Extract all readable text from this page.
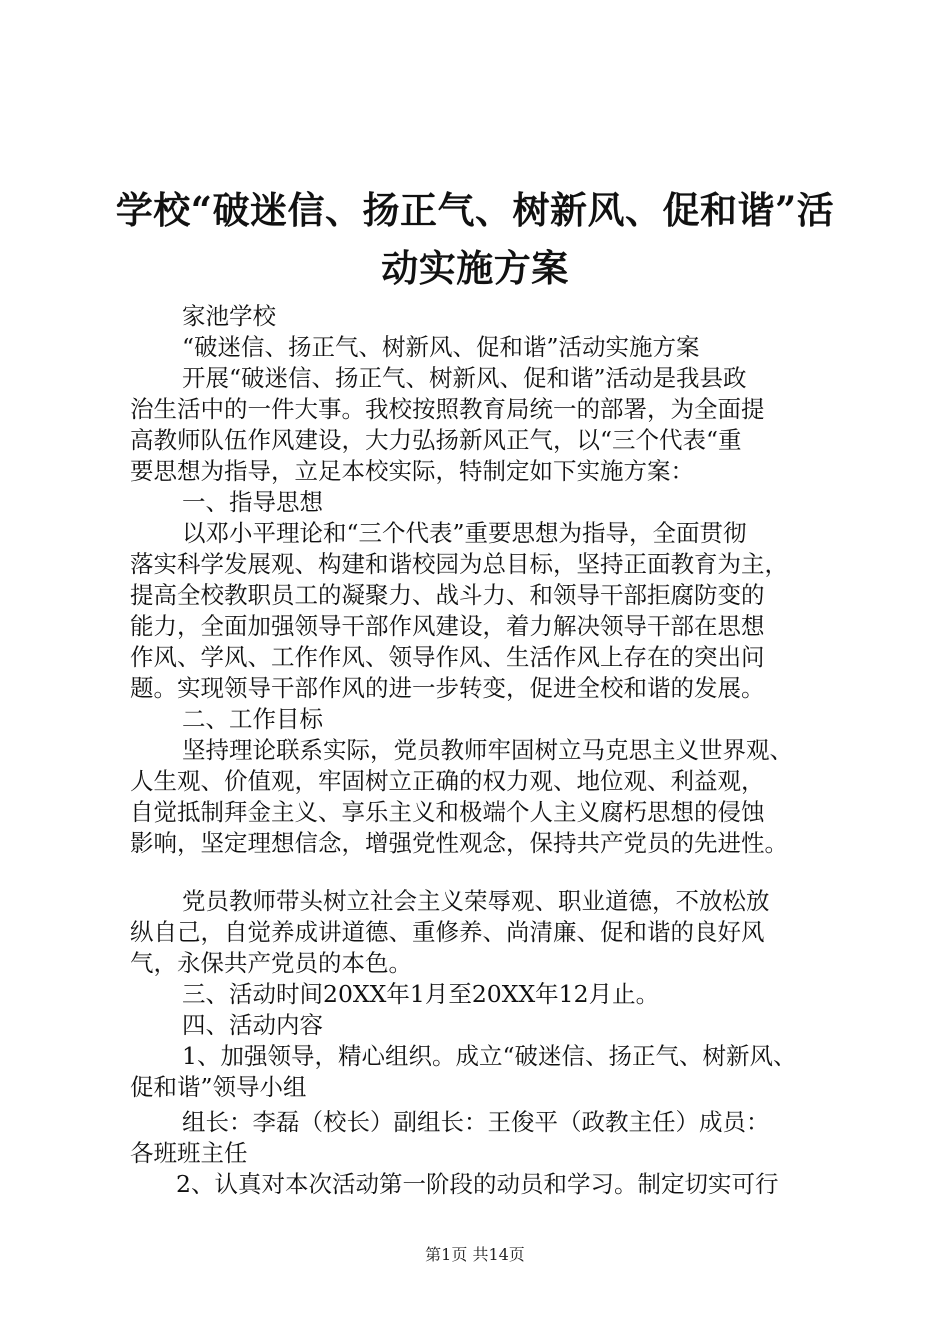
学校“破迷信、扬正气、树新风、促和谐”活
动实施方案

家池学校

“破迷信、扬正气、树新风、促和谐”活动实施方案

开展“破迷信、扬正气、树新风、促和谐”活动是我县政

治生活中的一件大事。我校按照教育局统一的部署，为全面提

高教师队伍作风建设，大力弘扬新风正气，以“三个代表“重

要思想为指导，立足本校实际，特制定如下实施方案：

一、指导思想

以邓小平理论和“三个代表”重要思想为指导，全面贯彻

落实科学发展观、构建和谐校园为总目标，坚持正面教育为主，

提高全校教职员工的凝聚力、战斗力、和领导干部拒腐防变的

能力，全面加强领导干部作风建设，着力解决领导干部在思想

作风、学风、工作作风、领导作风、生活作风上存在的突出问

题。实现领导干部作风的进一步转变，促进全校和谐的发展。

二、工作目标

坚持理论联系实际，党员教师牢固树立马克思主义世界观、

人生观、价值观，牢固树立正确的权力观、地位观、利益观，

自觉抵制拜金主义、享乐主义和极端个人主义腐朽思想的侵蚀

影响，坚定理想信念，增强党性观念，保持共产党员的先进性。

党员教师带头树立社会主义荣辱观、职业道德，不放松放

纵自己，自觉养成讲道德、重修养、尚清廉、促和谐的良好风

气，永保共产党员的本色。

三、活动时间20XX年1月至20XX年12月止。

四、活动内容

1、加强领导，精心组织。成立“破迷信、扬正气、树新风、

促和谐”领导小组

组长：李磊（校长）副组长：王俊平（政教主任）成员：

各班班主任

2、认真对本次活动第一阶段的动员和学习。制定切实可行

第1页 共14页
